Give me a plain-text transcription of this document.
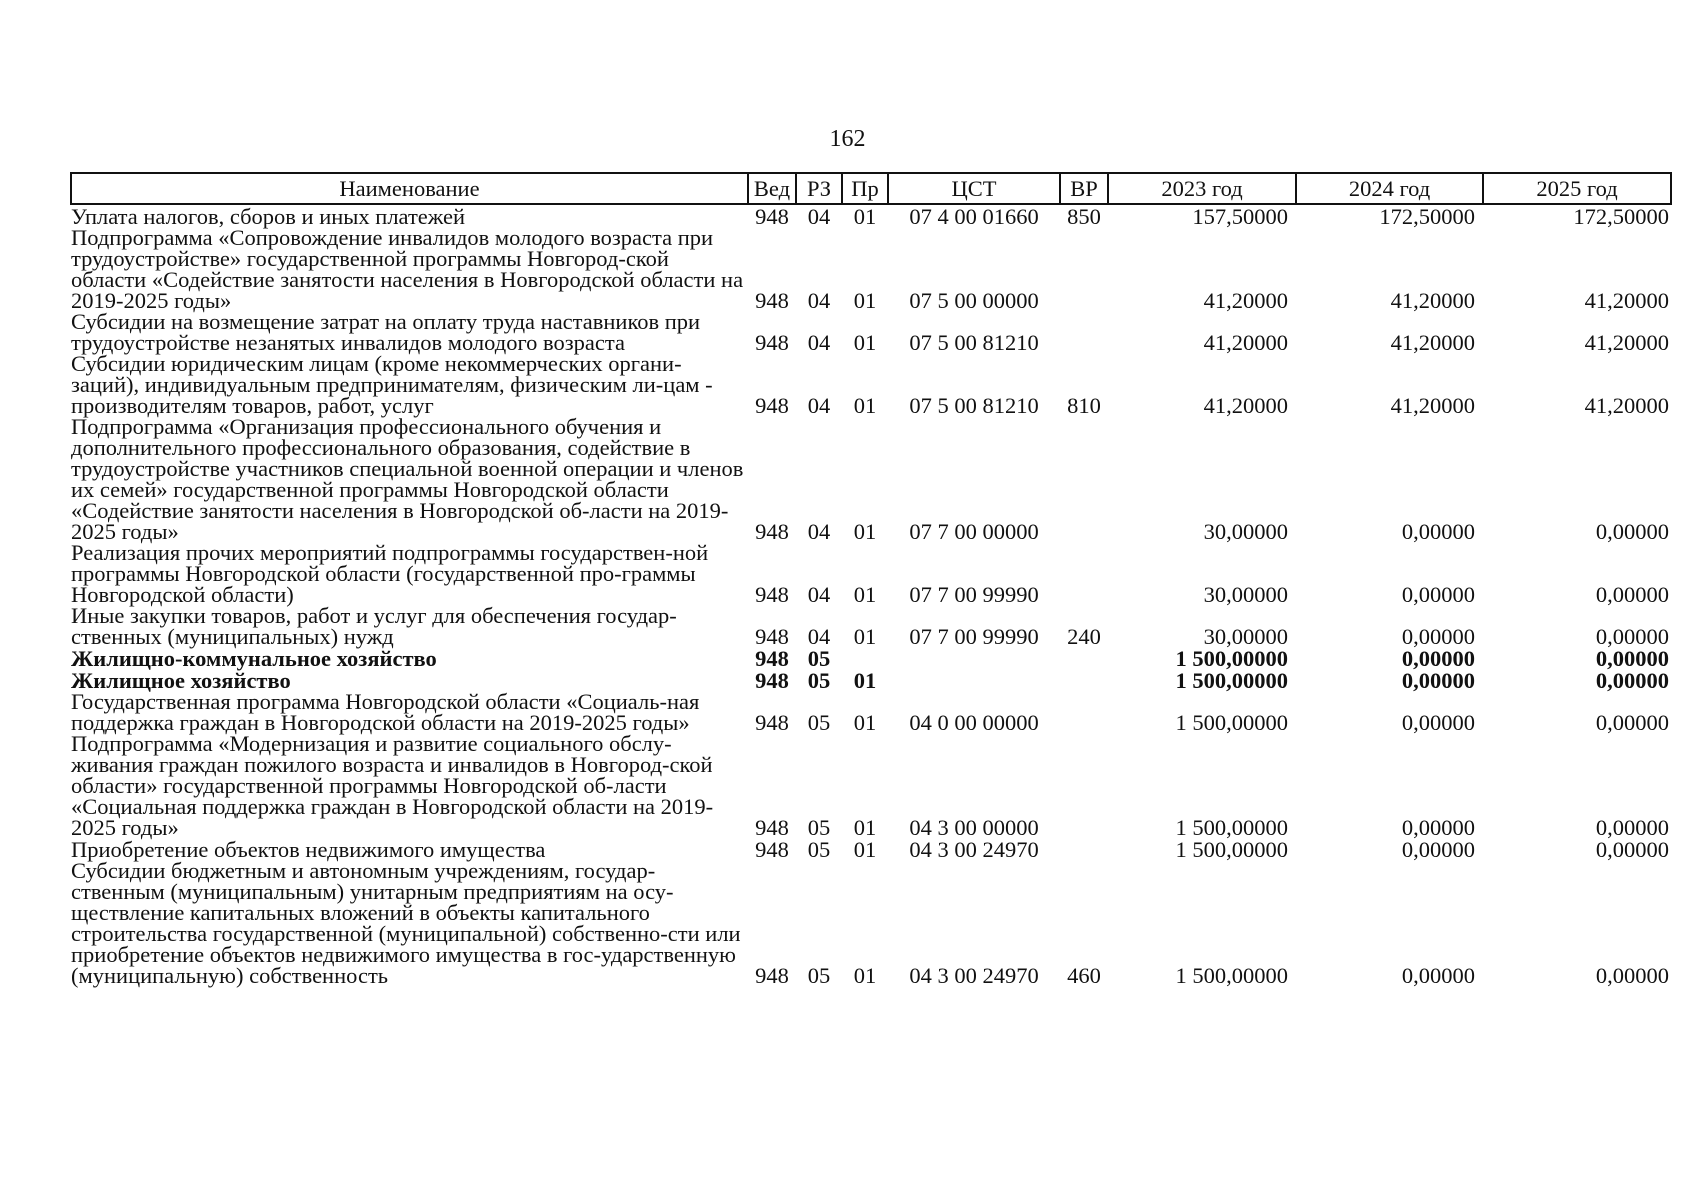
162
Наименование	Вед	РЗ	Пр	ЦСТ	ВР	2023 год	2024 год	2025 год
Уплата налогов, сборов и иных платежей	948	04	01	07 4 00 01660	850	157,50000	172,50000	172,50000
Подпрограмма «Сопровождение инвалидов молодого возраста при трудоустройстве» государственной программы Новгород-ской области «Содействие занятости населения в Новгородской области на 2019-2025 годы»	948	04	01	07 5 00 00000		41,20000	41,20000	41,20000
Субсидии на возмещение затрат на оплату труда наставников при трудоустройстве незанятых инвалидов молодого возраста	948	04	01	07 5 00 81210		41,20000	41,20000	41,20000
Субсидии юридическим лицам (кроме некоммерческих органи-заций), индивидуальным предпринимателям, физическим ли-цам - производителям товаров, работ, услуг	948	04	01	07 5 00 81210	810	41,20000	41,20000	41,20000
Подпрограмма «Организация профессионального обучения и дополнительного профессионального образования, содействие в трудоустройстве участников специальной военной операции и членов их семей» государственной программы Новгородской области «Содействие занятости населения в Новгородской об-ласти на 2019-2025 годы»	948	04	01	07 7 00 00000		30,00000	0,00000	0,00000
Реализация прочих мероприятий подпрограммы государствен-ной программы Новгородской области (государственной про-граммы Новгородской области)	948	04	01	07 7 00 99990		30,00000	0,00000	0,00000
Иные закупки товаров, работ и услуг для обеспечения государ-ственных (муниципальных) нужд	948	04	01	07 7 00 99990	240	30,00000	0,00000	0,00000
Жилищно-коммунальное хозяйство	948	05				1 500,00000	0,00000	0,00000
Жилищное хозяйство	948	05	01			1 500,00000	0,00000	0,00000
Государственная программа Новгородской области «Социаль-ная поддержка граждан в Новгородской области на 2019-2025 годы»	948	05	01	04 0 00 00000		1 500,00000	0,00000	0,00000
Подпрограмма «Модернизация и развитие социального обслу-живания граждан пожилого возраста и инвалидов в Новгород-ской области» государственной программы Новгородской об-ласти «Социальная поддержка граждан в Новгородской области на 2019-2025 годы»	948	05	01	04 3 00 00000		1 500,00000	0,00000	0,00000
Приобретение объектов недвижимого имущества	948	05	01	04 3 00 24970		1 500,00000	0,00000	0,00000
Субсидии бюджетным и автономным учреждениям, государ-ственным (муниципальным) унитарным предприятиям на осу-ществление капитальных вложений в объекты капитального строительства государственной (муниципальной) собственно-сти или приобретение объектов недвижимого имущества в гос-ударственную (муниципальную) собственность	948	05	01	04 3 00 24970	460	1 500,00000	0,00000	0,00000
